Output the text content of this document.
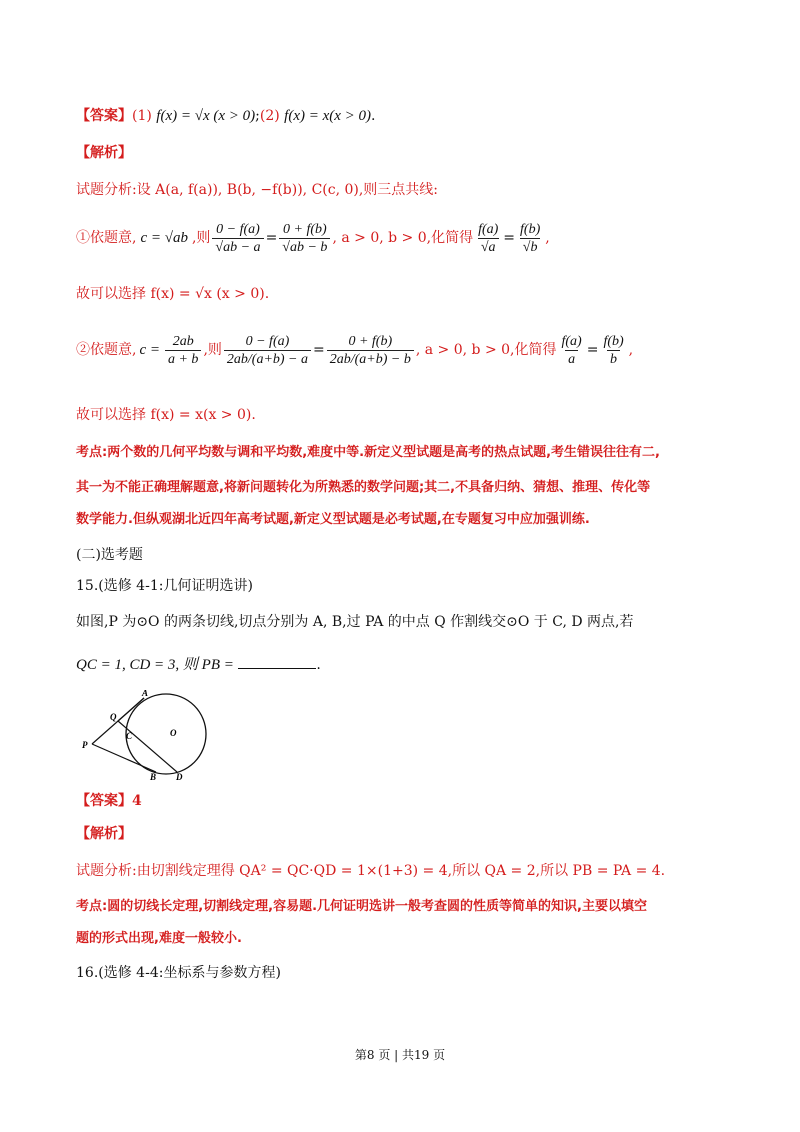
【答案】(1) f(x) = √x (x > 0);(2) f(x) = x(x > 0).
【解析】
试题分析:设 A(a, f(a)), B(b, −f(b)), C(c, 0),则三点共线:
①依题意, c = √ab ,则 $\frac{0 - f(a)}{√ab - a} = \frac{0 + f(b)}{√ab - b}$ , a > 0, b > 0,化简得 $\frac{f(a)}{√a} = \frac{f(b)}{√b}$ ,
故可以选择 f(x) = √x (x > 0).
②依题意, $c = \frac{2ab}{a + b}$ ,则 $\frac{0 - f(a)}{2ab/(a+b) - a} = \frac{0 + f(b)}{2ab/(a+b) - b}$ , a > 0, b > 0,化简得 $\frac{f(a)}{a} = \frac{f(b)}{b}$ ,
故可以选择 f(x) = x(x > 0).
考点:两个数的几何平均数与调和平均数,难度中等.新定义型试题是高考的热点试题,考生错误往往有二,
其一为不能正确理解题意,将新问题转化为所熟悉的数学问题;其二,不具备归纳、猜想、推理、传化等
数学能力.但纵观湖北近四年高考试题,新定义型试题是必考试题,在专题复习中应加强训练.
(二)选考题
15.(选修 4-1:几何证明选讲)
如图,P 为⊙O 的两条切线,切点分别为 A, B,过 PA 的中点 Q 作割线交⊙O 于 C, D 两点,若
QC = 1, CD = 3, 则 PB =	.
A
Q
P
C	O
B D
【答案】4
【解析】
试题分析:由切割线定理得 QA² = QC·QD = 1×(1+3) = 4,所以 QA = 2,所以 PB = PA = 4.
考点:圆的切线长定理,切割线定理,容易题.几何证明选讲一般考查圆的性质等简单的知识,主要以填空
题的形式出现,难度一般较小.
16.(选修 4-4:坐标系与参数方程)
第8 页 | 共19 页
